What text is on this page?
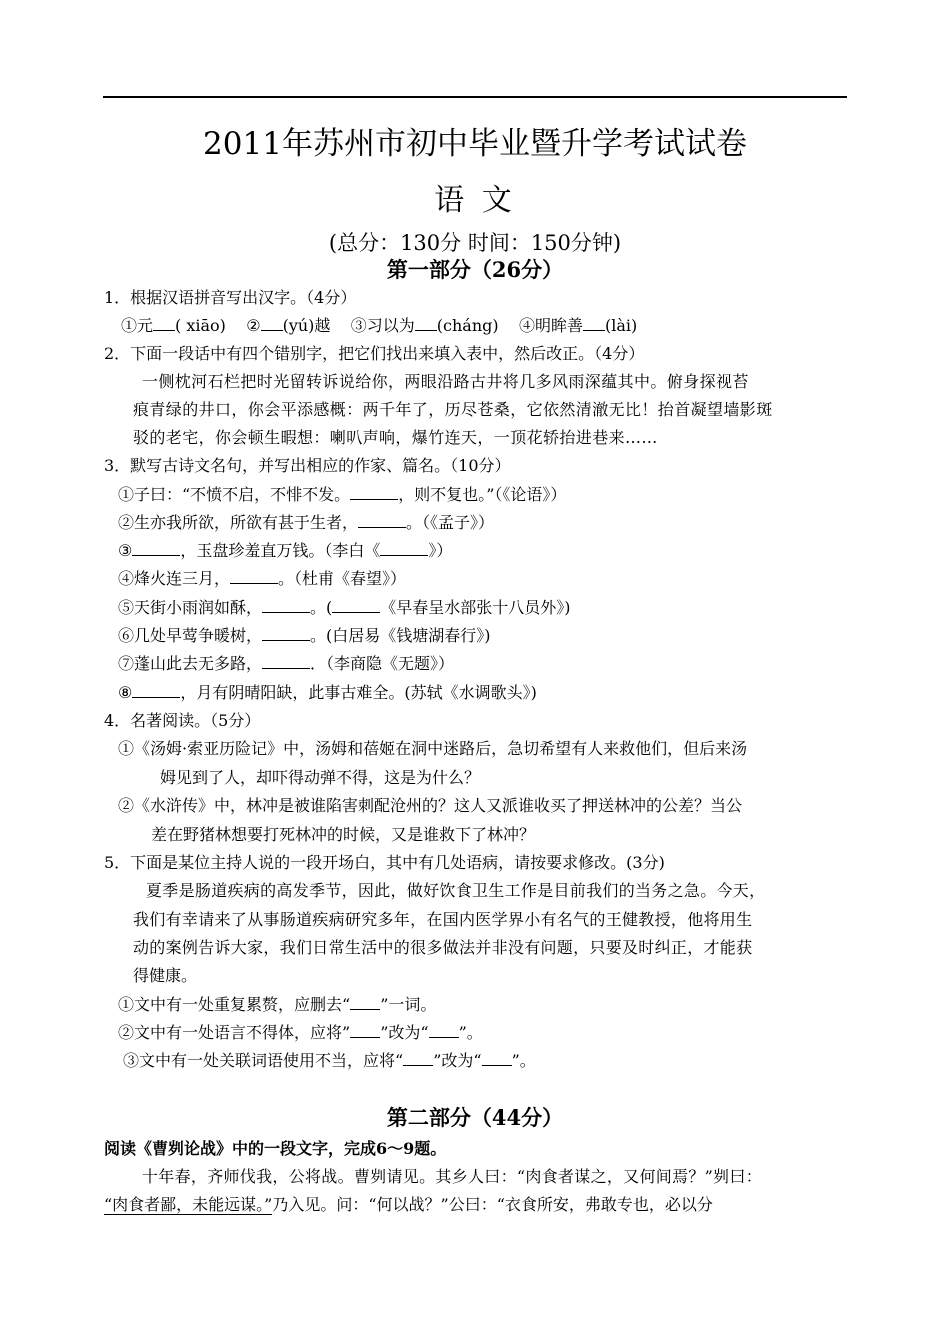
2011年苏州市初中毕业暨升学考试试卷
语 文
(总分：130分 时间：150分钟)
第一部分（26分）
1．根据汉语拼音写出汉字。（4分）
①元 ( xiāo) ② (yú)越 ③习以为 (cháng) ④明眸善 (lài)
2．下面一段话中有四个错别字，把它们找出来填入表中，然后改正。（4分）
一侧枕河石栏把时光留转诉说给你，两眼沿路古井将几多风雨深蕴其中。俯身探视苔
痕青绿的井口，你会平添感概：两千年了，历尽苍桑，它依然清澈无比！抬首凝望墙影斑
驳的老宅，你会顿生暇想：喇叭声响，爆竹连天，一顶花轿抬进巷来……
3．默写古诗文名句，并写出相应的作家、篇名。（10分）
①子曰：“不愤不启，不悱不发。	，则不复也。”（《论语》）
②生亦我所欲，所欲有甚于生者，	。（《孟子》）
③	，玉盘珍羞直万钱。（李白《	》）
④烽火连三月，	。（杜甫《春望》）
⑤天街小雨润如酥，	。(	《早春呈水部张十八员外》)
⑥几处早莺争暖树，	。(白居易《钱塘湖春行》)
⑦蓬山此去无多路，	．（李商隐《无题》）
⑧	，月有阴晴阳缺，此事古难全。(苏轼《水调歌头》)
4．名著阅读。（5分）
①《汤姆·索亚历险记》中，汤姆和蓓姬在洞中迷路后，急切希望有人来救他们，但后来汤
姆见到了人，却吓得动弹不得，这是为什么？
②《水浒传》中，林冲是被谁陷害刺配沧州的？这人又派谁收买了押送林冲的公差？当公
差在野猪林想要打死林冲的时候，又是谁救下了林冲？
5．下面是某位主持人说的一段开场白，其中有几处语病，请按要求修改。(3分)
夏季是肠道疾病的高发季节，因此，做好饮食卫生工作是目前我们的当务之急。今天，
我们有幸请来了从事肠道疾病研究多年，在国内医学界小有名气的王健教授，他将用生
动的案例告诉大家，我们日常生活中的很多做法并非没有问题，只要及时纠正，才能获
得健康。
①文中有一处重复累赘，应删去“ ”一词。
②文中有一处语言不得体，应将” ”改为“ ”。
③文中有一处关联词语使用不当，应将“ ”改为“ ”。
第二部分（44分）
阅读《曹刿论战》中的一段文字，完成6～9题。
十年春，齐师伐我，公将战。曹刿请见。其乡人曰：“肉食者谋之，又何间焉？”刿曰：
“肉食者鄙，未能远谋。”乃入见。问：“何以战？”公曰：“衣食所安，弗敢专也，必以分
